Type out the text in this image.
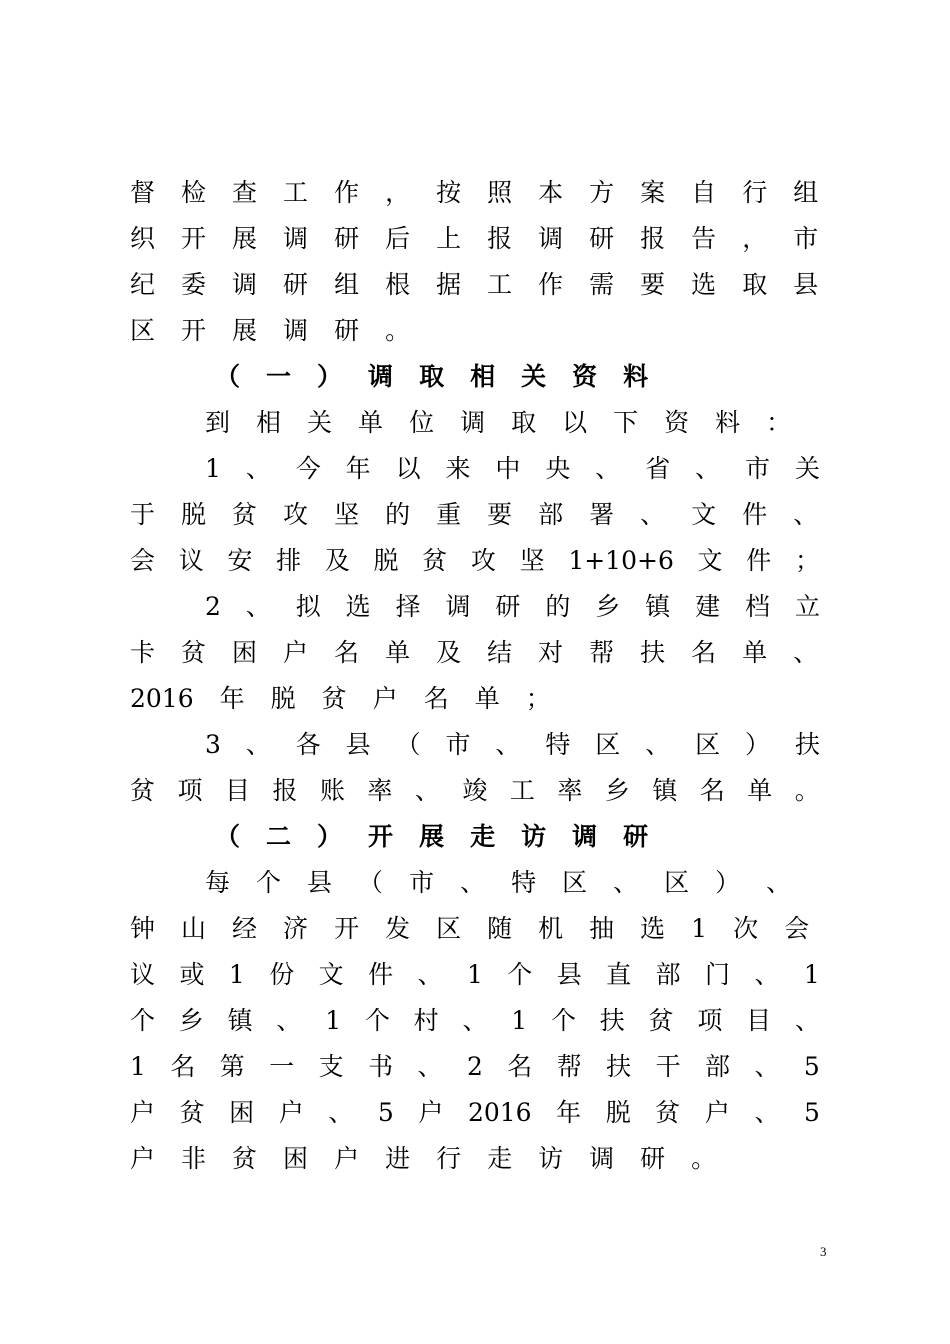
督 检 查 工 作 ， 按 照 本 方 案 自 行 组
织 开 展 调 研 后 上 报 调 研 报 告 ， 市
纪 委 调 研 组 根 据 工 作 需 要 选 取 县
区 开 展 调 研 。
（ 一 ） 调 取 相 关 资 料
到 相 关 单 位 调 取 以 下 资 料 ：
1 、 今 年 以 来 中 央 、 省 、 市 关
于 脱 贫 攻 坚 的 重 要 部 署 、 文 件 、
会 议 安 排 及 脱 贫 攻 坚 1+10+6 文 件 ；
2 、 拟 选 择 调 研 的 乡 镇 建 档 立
卡 贫 困 户 名 单 及 结 对 帮 扶 名 单 、
2016 年 脱 贫 户 名 单 ；
3 、 各 县 （ 市 、 特 区 、 区 ） 扶
贫 项 目 报 账 率 、 竣 工 率 乡 镇 名 单 。
（ 二 ） 开 展 走 访 调 研
每 个 县 （ 市 、 特 区 、 区 ） 、
钟 山 经 济 开 发 区 随 机 抽 选 1 次 会
议 或 1 份 文 件 、 1 个 县 直 部 门 、 1
个 乡 镇 、 1 个 村 、 1 个 扶 贫 项 目 、
1 名 第 一 支 书 、 2 名 帮 扶 干 部 、 5
户 贫 困 户 、 5 户 2016 年 脱 贫 户 、 5
户 非 贫 困 户 进 行 走 访 调 研 。
3
